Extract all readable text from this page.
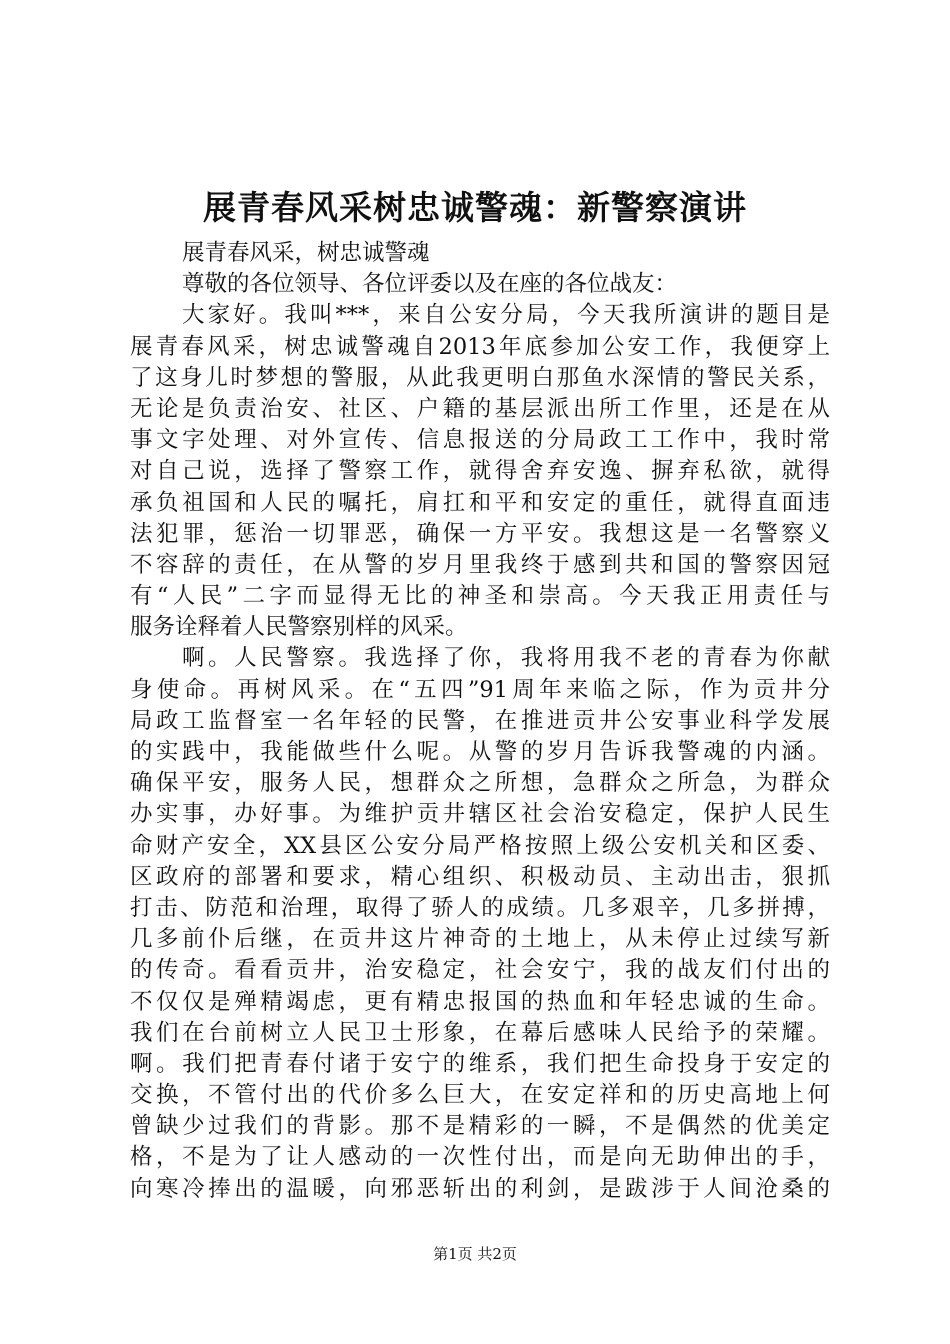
展青春风采树忠诚警魂：新警察演讲
展青春风采，树忠诚警魂
尊敬的各位领导、各位评委以及在座的各位战友：
大家好。我叫***，来自公安分局，今天我所演讲的题目是
展青春风采，树忠诚警魂自2013年底参加公安工作，我便穿上
了这身儿时梦想的警服，从此我更明白那鱼水深情的警民关系，
无论是负责治安、社区、户籍的基层派出所工作里，还是在从
事文字处理、对外宣传、信息报送的分局政工工作中，我时常
对自己说，选择了警察工作，就得舍弃安逸、摒弃私欲，就得
承负祖国和人民的嘱托，肩扛和平和安定的重任，就得直面违
法犯罪，惩治一切罪恶，确保一方平安。我想这是一名警察义
不容辞的责任，在从警的岁月里我终于感到共和国的警察因冠
有“人民”二字而显得无比的神圣和崇高。今天我正用责任与
服务诠释着人民警察别样的风采。
啊。人民警察。我选择了你，我将用我不老的青春为你献
身使命。再树风采。在“五四”91周年来临之际，作为贡井分
局政工监督室一名年轻的民警，在推进贡井公安事业科学发展
的实践中，我能做些什么呢。从警的岁月告诉我警魂的内涵。
确保平安，服务人民，想群众之所想，急群众之所急，为群众
办实事，办好事。为维护贡井辖区社会治安稳定，保护人民生
命财产安全，XX县区公安分局严格按照上级公安机关和区委、
区政府的部署和要求，精心组织、积极动员、主动出击，狠抓
打击、防范和治理，取得了骄人的成绩。几多艰辛，几多拼搏，
几多前仆后继，在贡井这片神奇的土地上，从未停止过续写新
的传奇。看看贡井，治安稳定，社会安宁，我的战友们付出的
不仅仅是殚精竭虑，更有精忠报国的热血和年轻忠诚的生命。
我们在台前树立人民卫士形象，在幕后感味人民给予的荣耀。
啊。我们把青春付诸于安宁的维系，我们把生命投身于安定的
交换，不管付出的代价多么巨大，在安定祥和的历史高地上何
曾缺少过我们的背影。那不是精彩的一瞬，不是偶然的优美定
格，不是为了让人感动的一次性付出，而是向无助伸出的手，
向寒冷捧出的温暖，向邪恶斩出的利剑，是跋涉于人间沧桑的
第1页 共2页
